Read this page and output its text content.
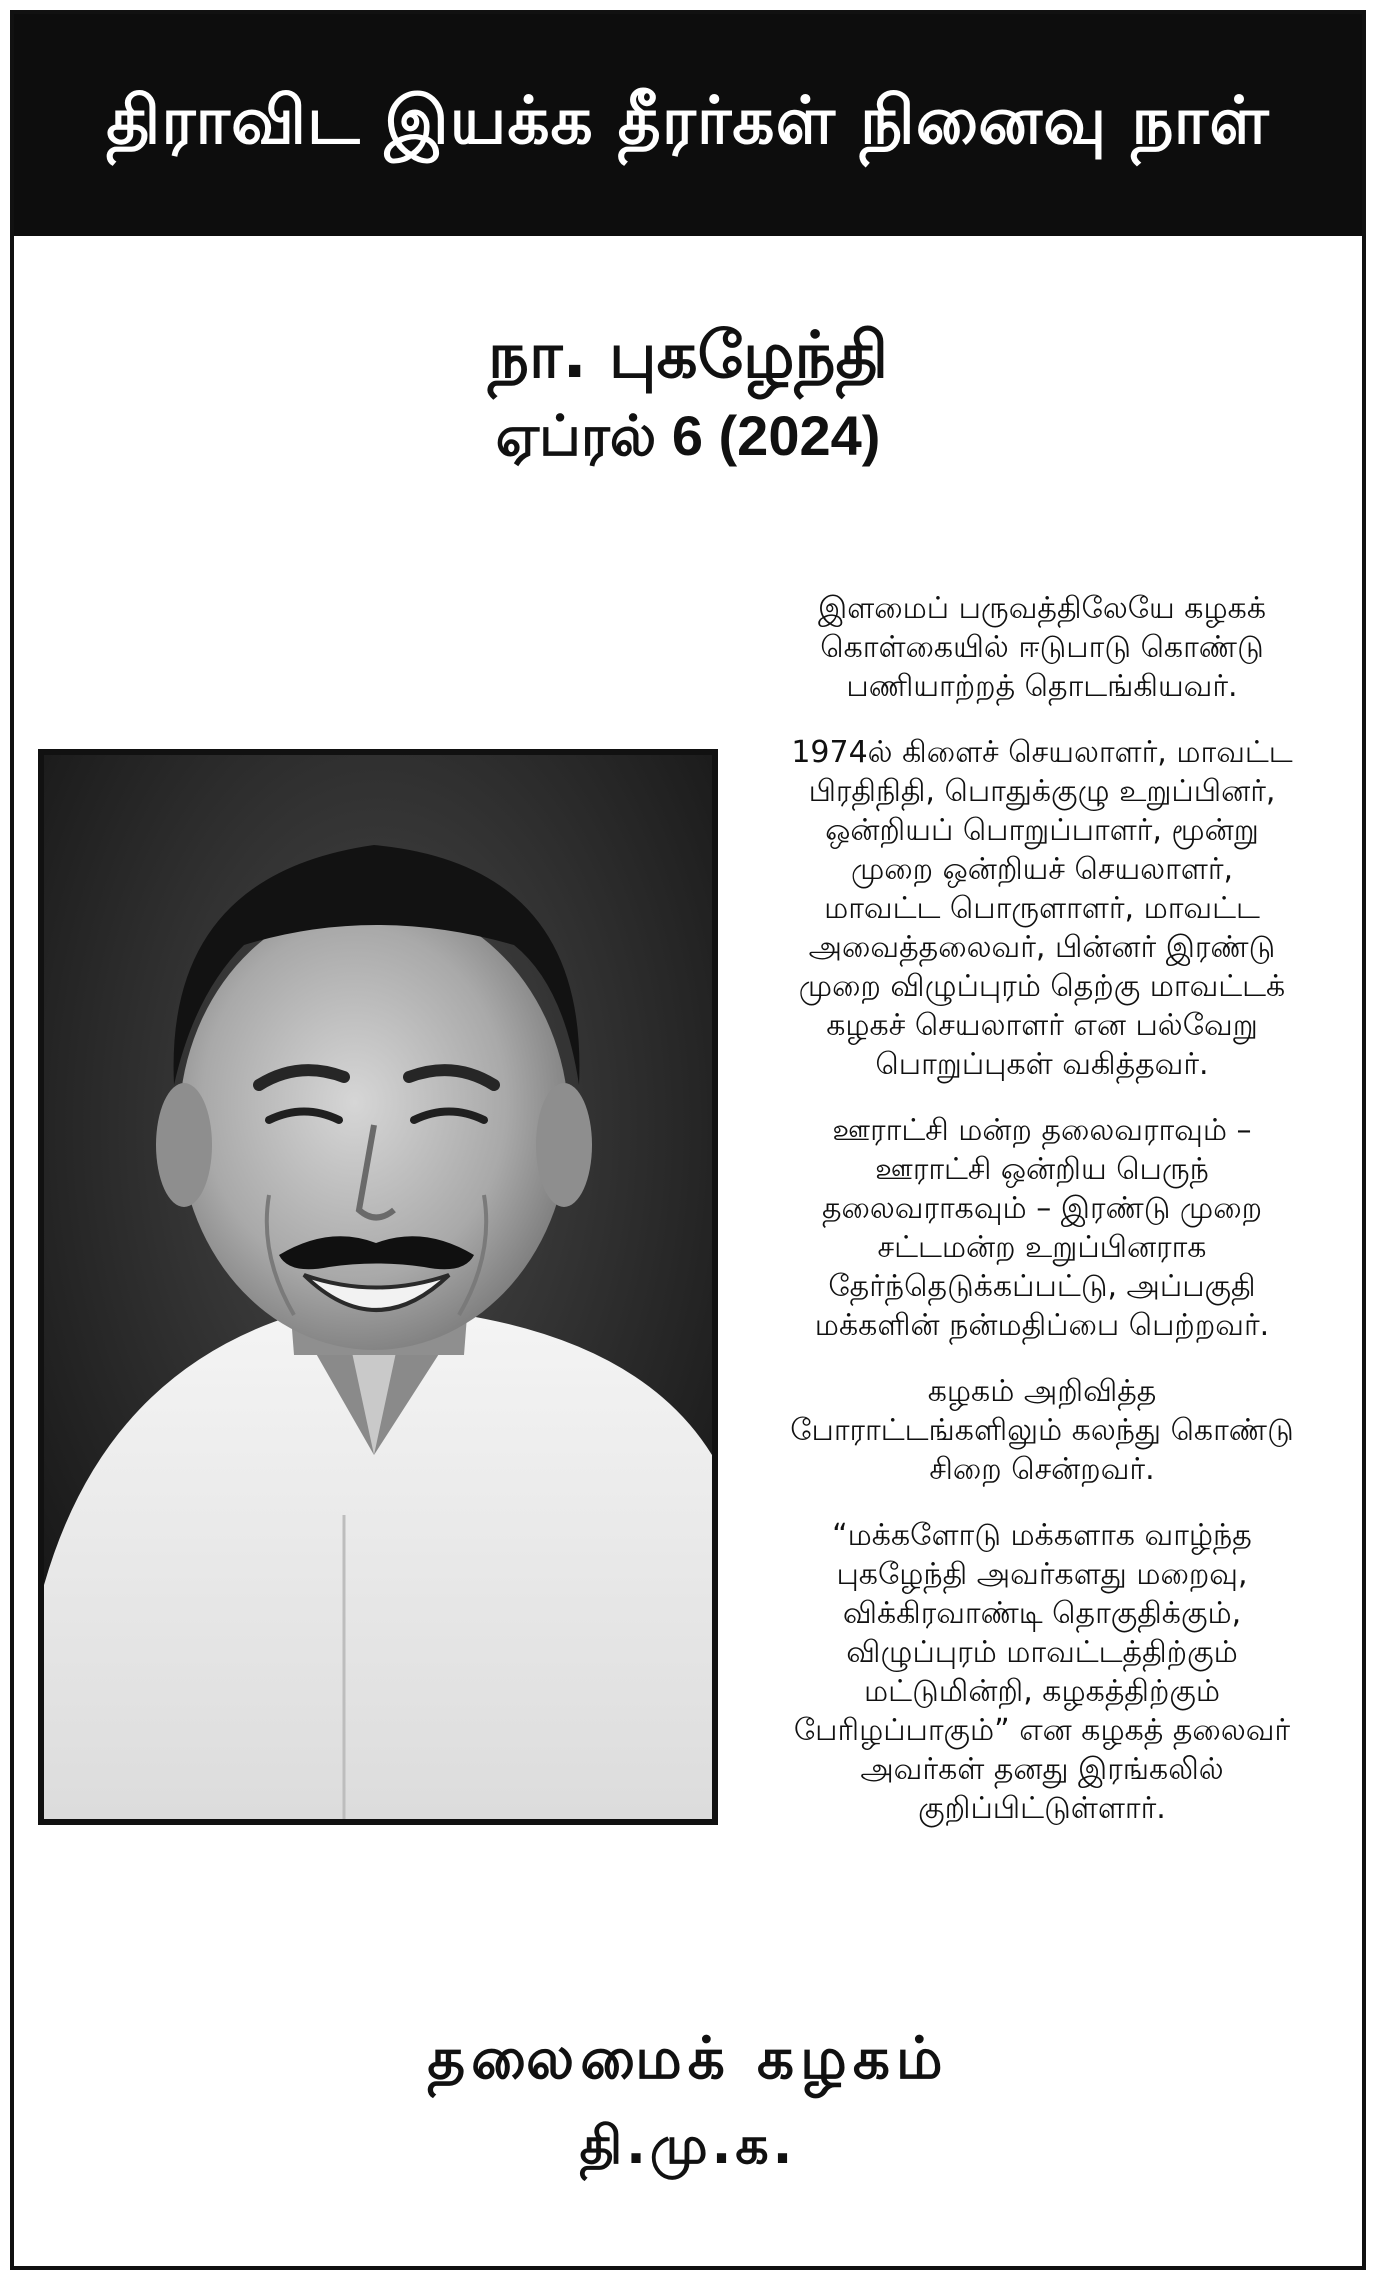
திராவிட இயக்க தீரர்கள் நினைவு நாள்
நா. புகழேந்தி
ஏப்ரல் 6 (2024)
இளமைப் பருவத்திலேயே கழகக்
கொள்கையில் ஈடுபாடு கொண்டு
பணியாற்றத் தொடங்கியவர்.
1974ல் கிளைச் செயலாளர், மாவட்ட
பிரதிநிதி, பொதுக்குழு உறுப்பினர்,
ஒன்றியப் பொறுப்பாளர், மூன்று
முறை ஒன்றியச் செயலாளர்,
மாவட்ட பொருளாளர், மாவட்ட
அவைத்தலைவர், பின்னர் இரண்டு
முறை விழுப்புரம் தெற்கு மாவட்டக்
கழகச் செயலாளர் என பல்வேறு
பொறுப்புகள் வகித்தவர்.
ஊராட்சி மன்ற தலைவராவும் –
ஊராட்சி ஒன்றிய பெருந்
தலைவராகவும் – இரண்டு முறை
சட்டமன்ற உறுப்பினராக
தேர்ந்தெடுக்கப்பட்டு, அப்பகுதி
மக்களின் நன்மதிப்பை பெற்றவர்.
கழகம் அறிவித்த
போராட்டங்களிலும் கலந்து கொண்டு
சிறை சென்றவர்.
“மக்களோடு மக்களாக வாழ்ந்த
புகழேந்தி அவர்களது மறைவு,
விக்கிரவாண்டி தொகுதிக்கும்,
விழுப்புரம் மாவட்டத்திற்கும்
மட்டுமின்றி, கழகத்திற்கும்
பேரிழப்பாகும்” என கழகத் தலைவர்
அவர்கள் தனது இரங்கலில்
குறிப்பிட்டுள்ளார்.
தலைமைக் கழகம்
தி.மு.க.
